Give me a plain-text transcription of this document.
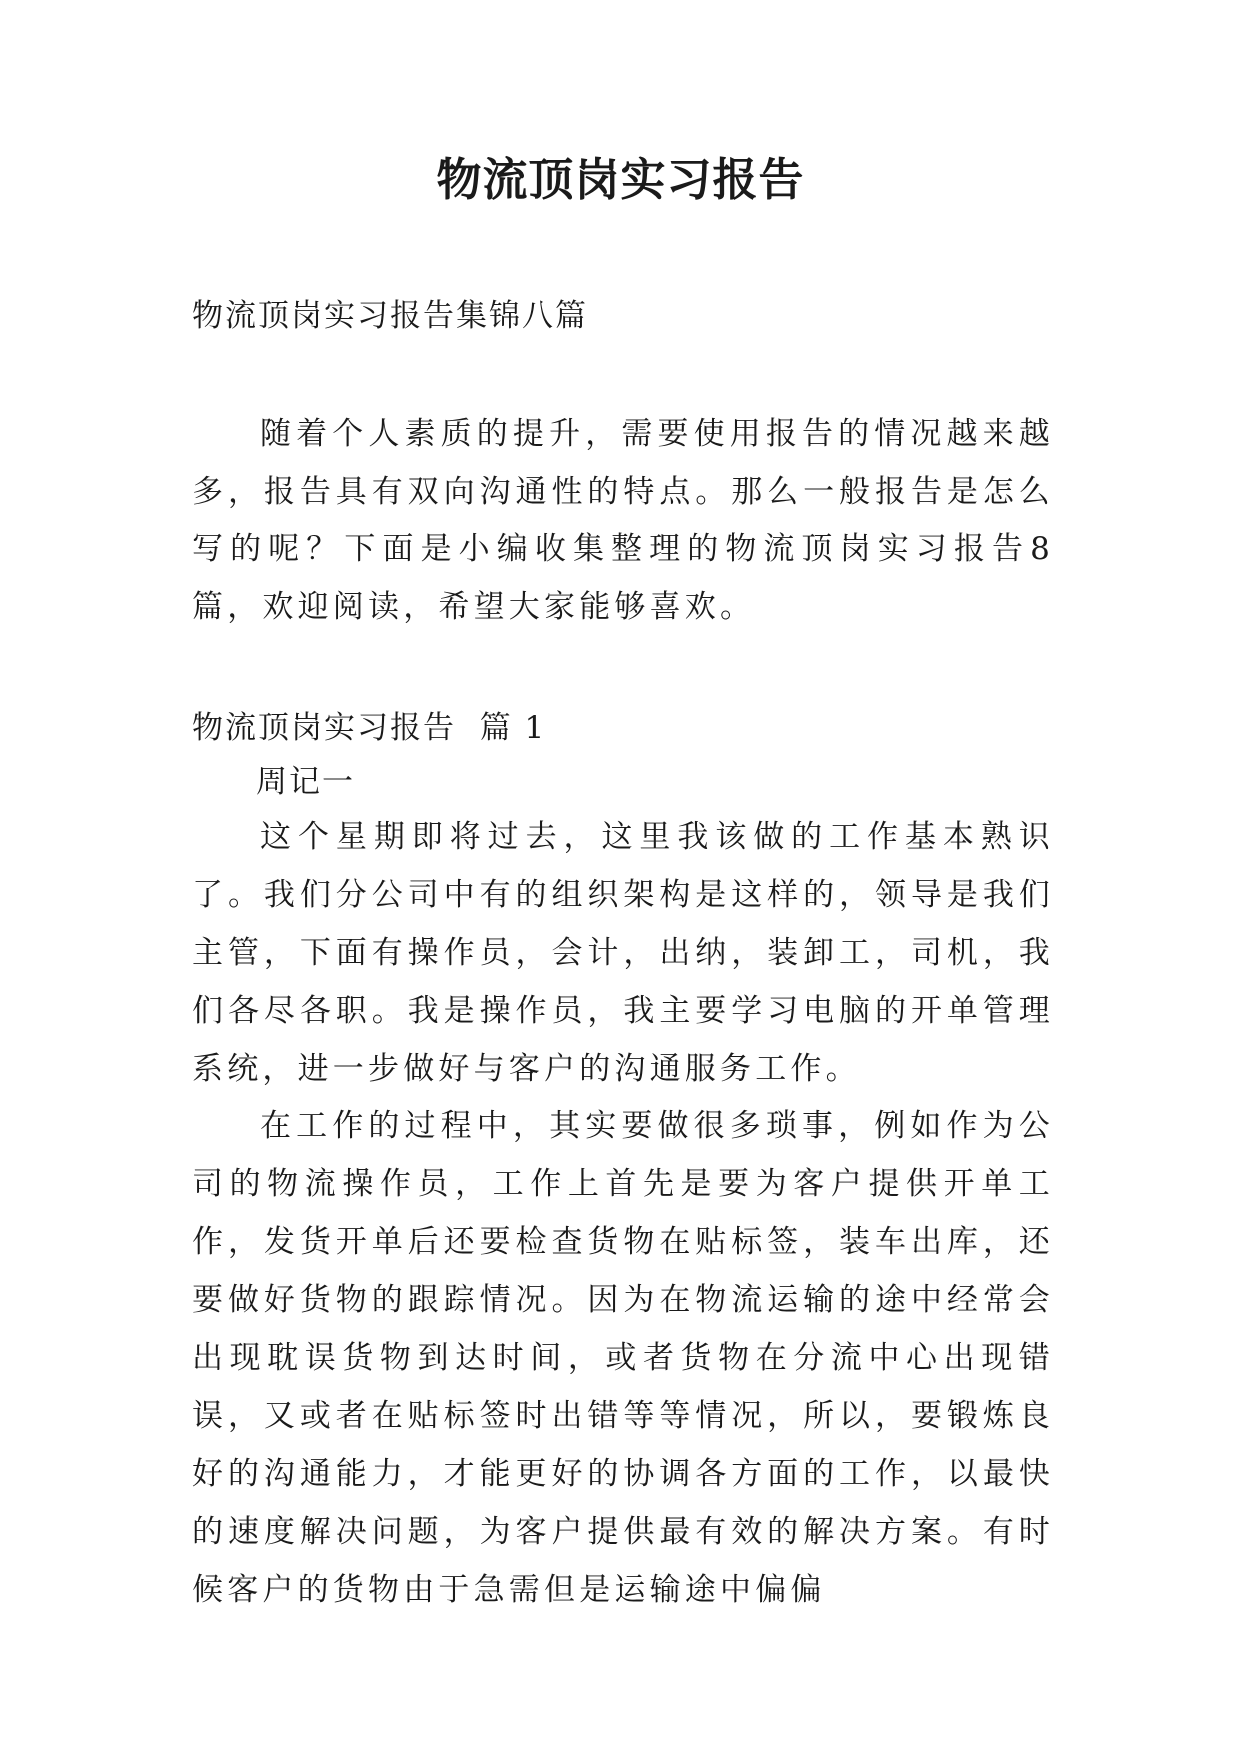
物流顶岗实习报告
物流顶岗实习报告集锦八篇

随着个人素质的提升，需要使用报告的情况越来越多，报告具有双向沟通性的特点。那么一般报告是怎么写的呢？下面是小编收集整理的物流顶岗实习报告8篇，欢迎阅读，希望大家能够喜欢。

物流顶岗实习报告  篇 1
周记一

这个星期即将过去，这里我该做的工作基本熟识了。我们分公司中有的组织架构是这样的，领导是我们主管，下面有操作员，会计，出纳，装卸工，司机，我们各尽各职。我是操作员，我主要学习电脑的开单管理系统，进一步做好与客户的沟通服务工作。

在工作的过程中，其实要做很多琐事，例如作为公司的物流操作员，工作上首先是要为客户提供开单工作，发货开单后还要检查货物在贴标签，装车出库，还要做好货物的跟踪情况。因为在物流运输的途中经常会出现耽误货物到达时间，或者货物在分流中心出现错误，又或者在贴标签时出错等等情况，所以，要锻炼良好的沟通能力，才能更好的协调各方面的工作，以最快的速度解决问题，为客户提供最有效的解决方案。有时候客户的货物由于急需但是运输途中偏偏
